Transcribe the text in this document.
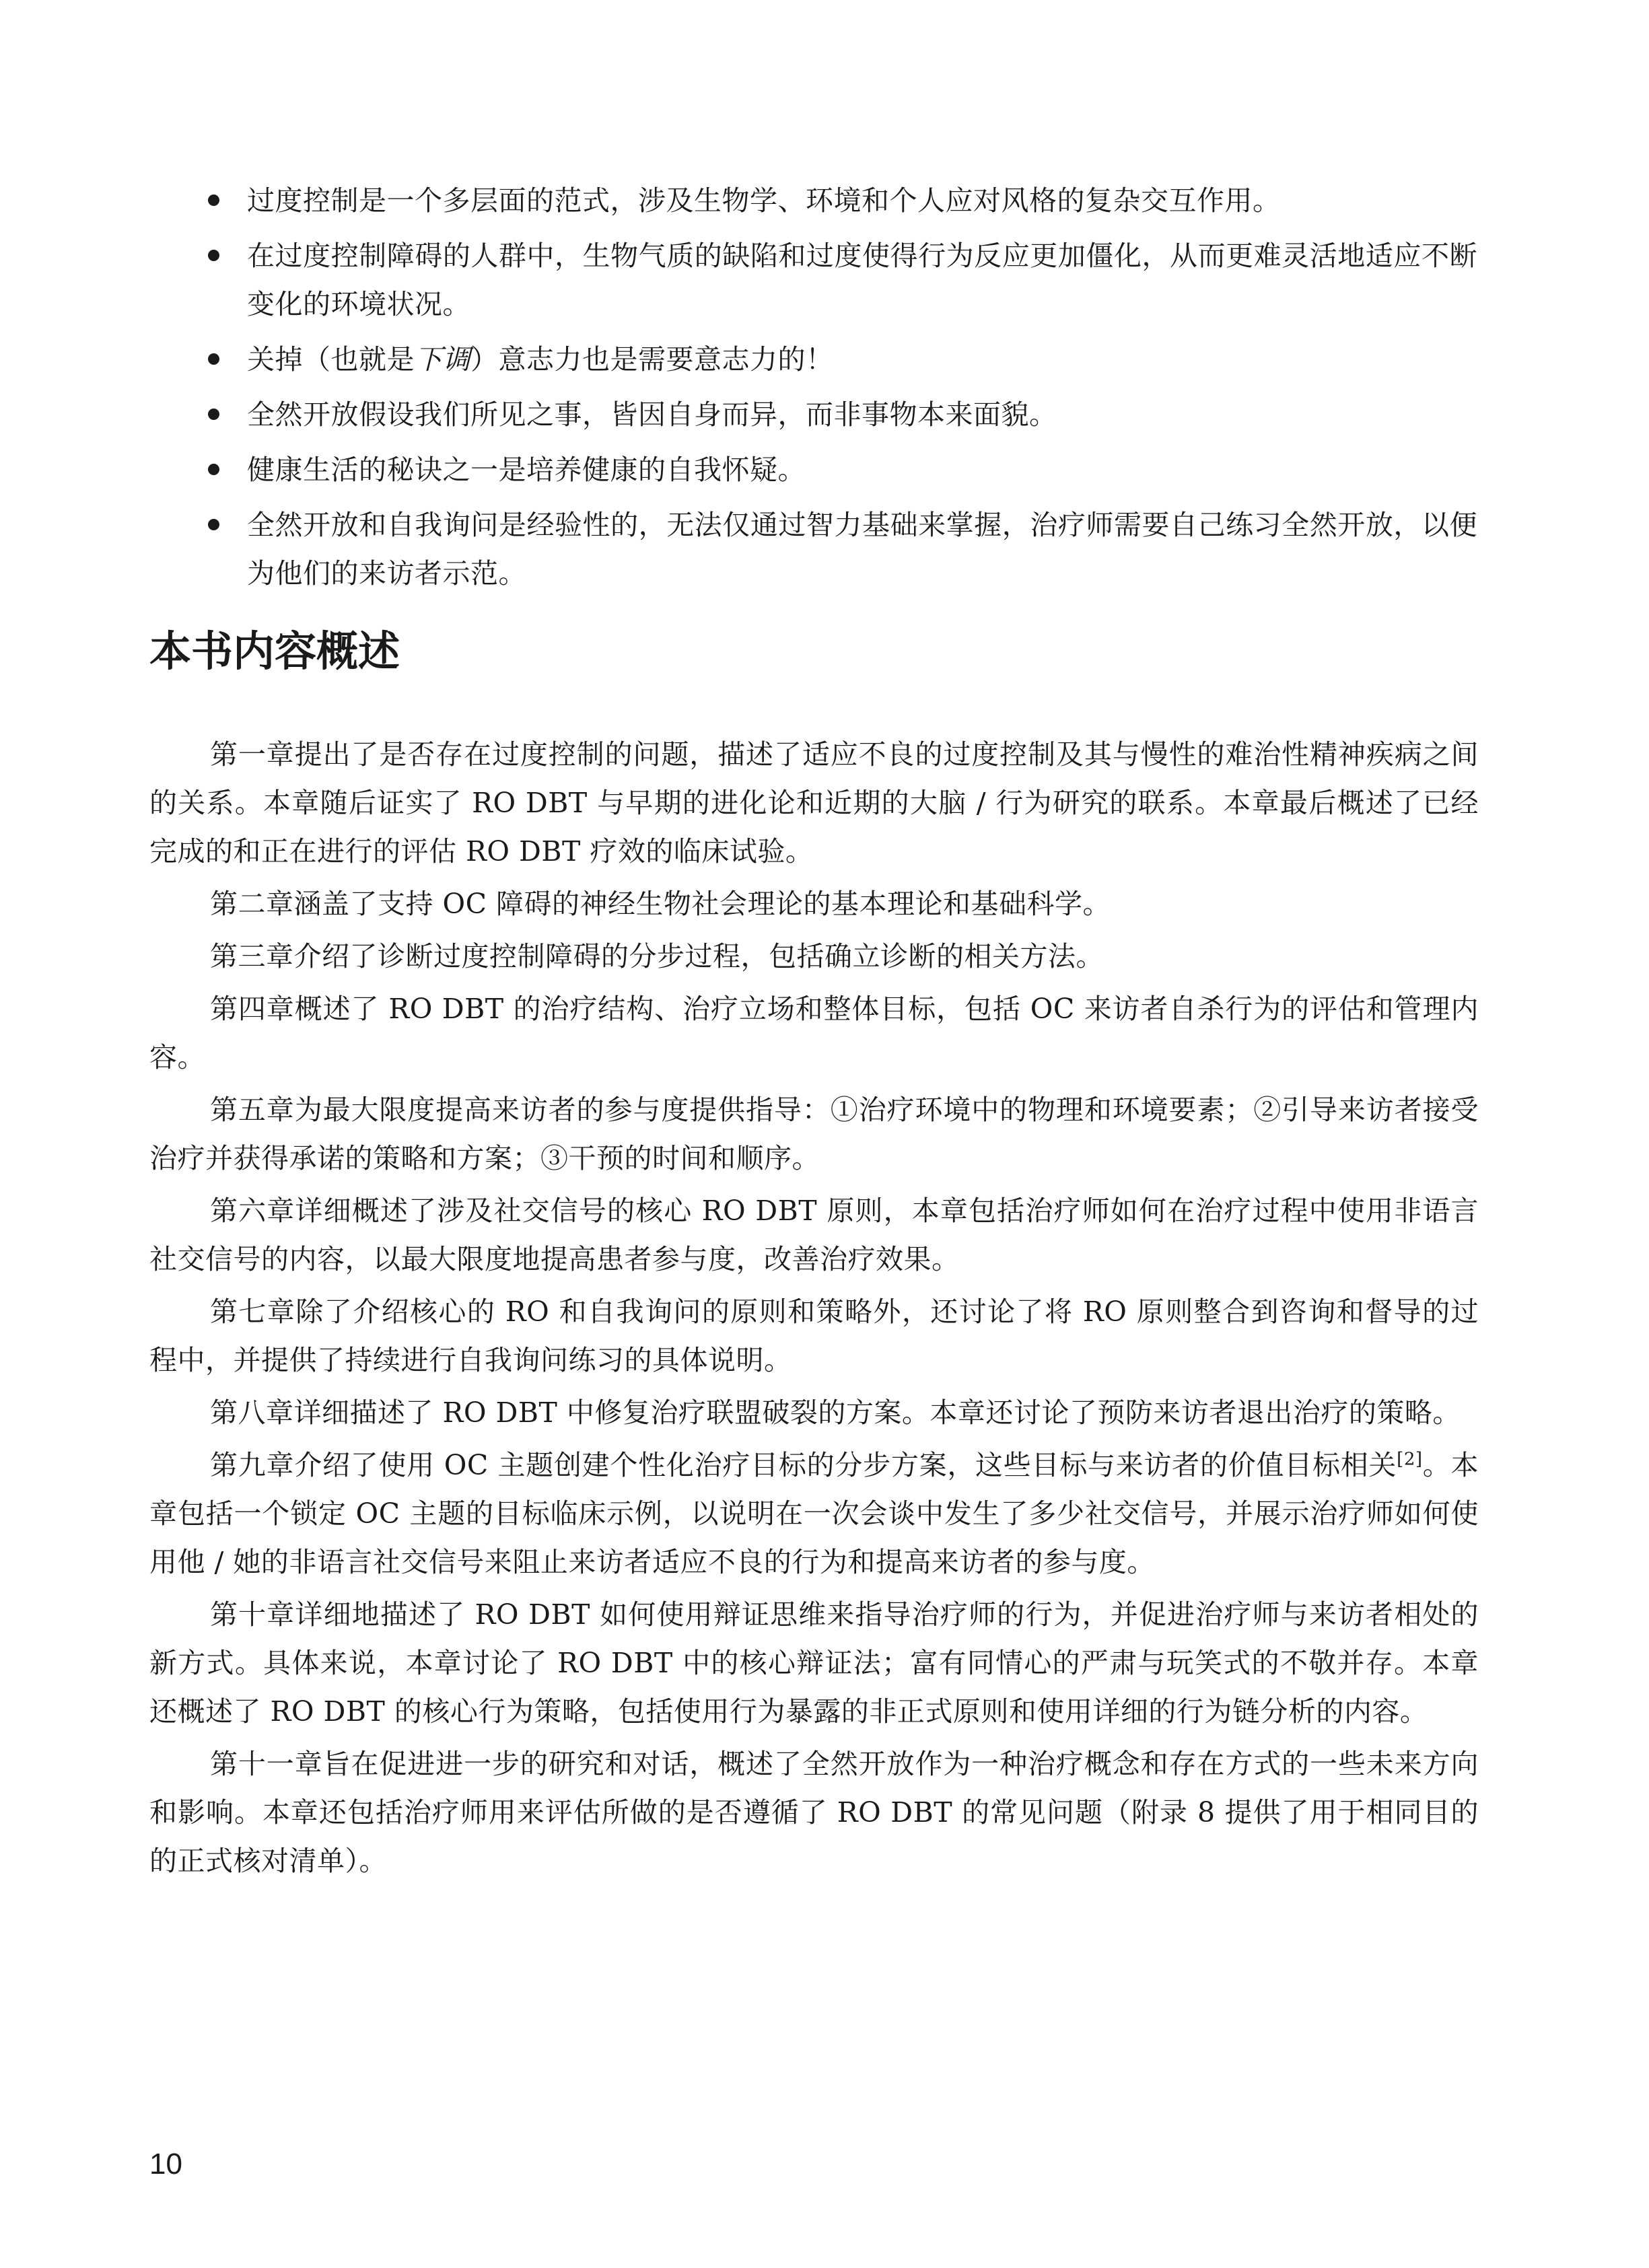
过度控制是一个多层面的范式，涉及生物学、环境和个人应对风格的复杂交互作用。
在过度控制障碍的人群中，生物气质的缺陷和过度使得行为反应更加僵化，从而更难灵活地适应不断变化的环境状况。
关掉（也就是下调）意志力也是需要意志力的！
全然开放假设我们所见之事，皆因自身而异，而非事物本来面貌。
健康生活的秘诀之一是培养健康的自我怀疑。
全然开放和自我询问是经验性的，无法仅通过智力基础来掌握，治疗师需要自己练习全然开放，以便为他们的来访者示范。
本书内容概述

第一章提出了是否存在过度控制的问题，描述了适应不良的过度控制及其与慢性的难治性精神疾病之间的关系。本章随后证实了 RO DBT 与早期的进化论和近期的大脑 / 行为研究的联系。本章最后概述了已经完成的和正在进行的评估 RO DBT 疗效的临床试验。

第二章涵盖了支持 OC 障碍的神经生物社会理论的基本理论和基础科学。

第三章介绍了诊断过度控制障碍的分步过程，包括确立诊断的相关方法。

第四章概述了 RO DBT 的治疗结构、治疗立场和整体目标，包括 OC 来访者自杀行为的评估和管理内容。

第五章为最大限度提高来访者的参与度提供指导：①治疗环境中的物理和环境要素；②引导来访者接受治疗并获得承诺的策略和方案；③干预的时间和顺序。

第六章详细概述了涉及社交信号的核心 RO DBT 原则，本章包括治疗师如何在治疗过程中使用非语言社交信号的内容，以最大限度地提高患者参与度，改善治疗效果。

第七章除了介绍核心的 RO 和自我询问的原则和策略外，还讨论了将 RO 原则整合到咨询和督导的过程中，并提供了持续进行自我询问练习的具体说明。

第八章详细描述了 RO DBT 中修复治疗联盟破裂的方案。本章还讨论了预防来访者退出治疗的策略。

第九章介绍了使用 OC 主题创建个性化治疗目标的分步方案，这些目标与来访者的价值目标相关[2]。本章包括一个锁定 OC 主题的目标临床示例，以说明在一次会谈中发生了多少社交信号，并展示治疗师如何使用他 / 她的非语言社交信号来阻止来访者适应不良的行为和提高来访者的参与度。

第十章详细地描述了 RO DBT 如何使用辩证思维来指导治疗师的行为，并促进治疗师与来访者相处的新方式。具体来说，本章讨论了 RO DBT 中的核心辩证法；富有同情心的严肃与玩笑式的不敬并存。本章还概述了 RO DBT 的核心行为策略，包括使用行为暴露的非正式原则和使用详细的行为链分析的内容。

第十一章旨在促进进一步的研究和对话，概述了全然开放作为一种治疗概念和存在方式的一些未来方向和影响。本章还包括治疗师用来评估所做的是否遵循了 RO DBT 的常见问题（附录 8 提供了用于相同目的的正式核对清单）。

10
